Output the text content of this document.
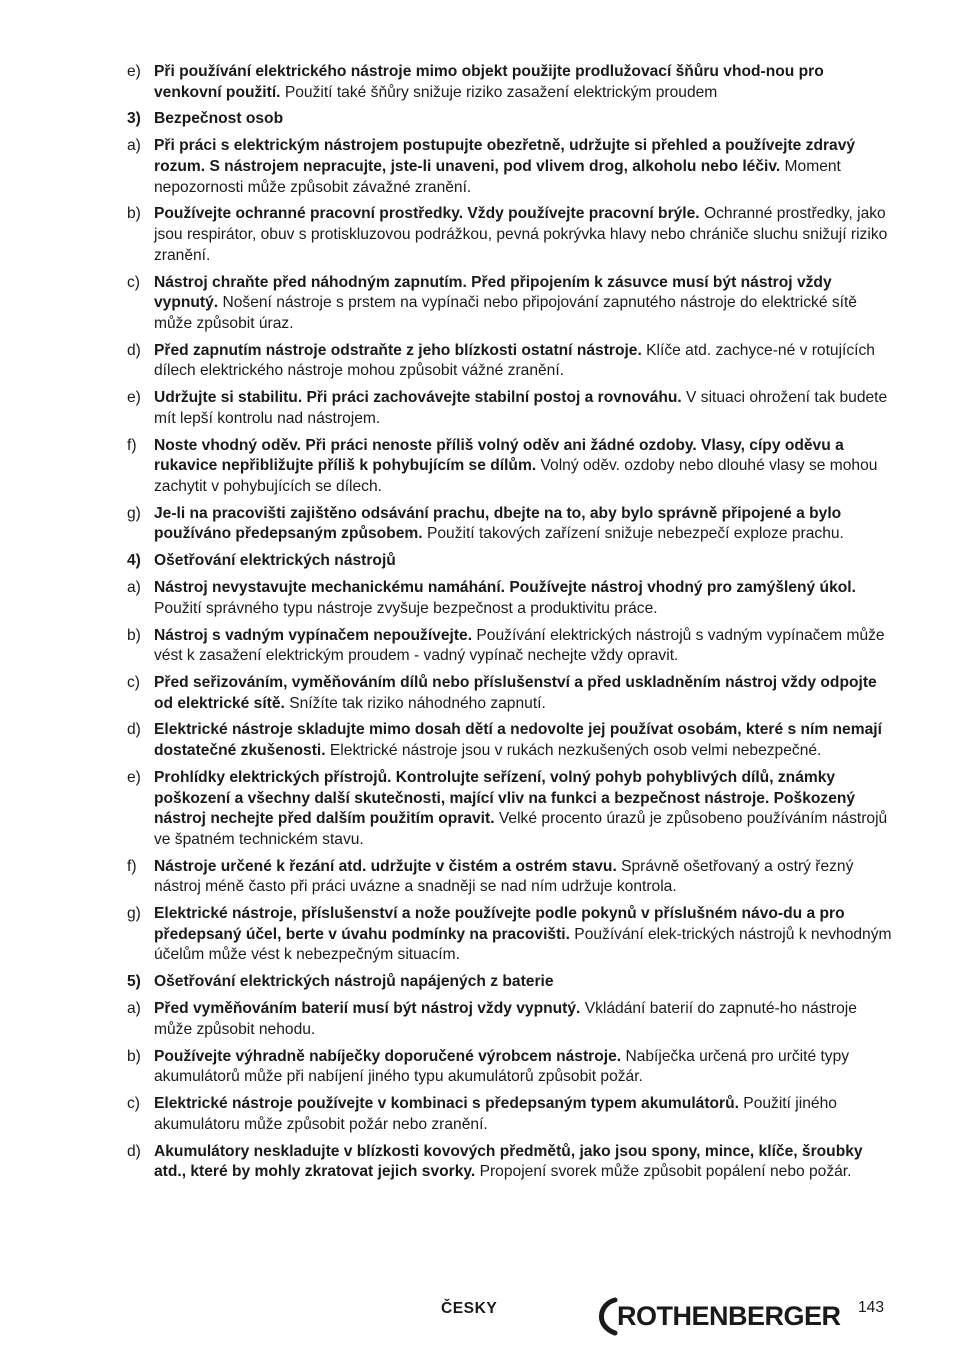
e) Při používání elektrického nástroje mimo objekt použijte prodlužovací šňůru vhod-nou pro venkovní použití. Použití také šňůry snižuje riziko zasažení elektrickým proudem
3) Bezpečnost osob
a) Při práci s elektrickým nástrojem postupujte obezřetně, udržujte si přehled a používejte zdravý rozum. S nástrojem nepracujte, jste-li unaveni, pod vlivem drog, alkoholu nebo léčiv. Moment nepozornosti může způsobit závažné zranění.
b) Používejte ochranné pracovní prostředky. Vždy používejte pracovní brýle. Ochranné prostředky, jako jsou respirátor, obuv s protiskluzovou podrážkou, pevná pokrývka hlavy nebo chrániče sluchu snižují riziko zranění.
c) Nástroj chraňte před náhodným zapnutím. Před připojením k zásuvce musí být nástroj vždy vypnutý. Nošení nástroje s prstem na vypínači nebo připojování zapnutého nástroje do elektrické sítě může způsobit úraz.
d) Před zapnutím nástroje odstraňte z jeho blízkosti ostatní nástroje. Klíče atd. zachyce-né v rotujících dílech elektrického nástroje mohou způsobit vážné zranění.
e) Udržujte si stabilitu. Při práci zachovávejte stabilní postoj a rovnováhu. V situaci ohrožení tak budete mít lepší kontrolu nad nástrojem.
f)	Noste vhodný oděv. Při práci nenoste příliš volný oděv ani žádné ozdoby. Vlasy, cípy oděvu a rukavice nepřibližujte příliš k pohybujícím se dílům. Volný oděv. ozdoby nebo dlouhé vlasy se mohou zachytit v pohybujících se dílech.
g) Je-li na pracovišti zajištěno odsávání prachu, dbejte na to, aby bylo správně připojené a bylo používáno předepsaným způsobem. Použití takových zařízení snižuje nebezpečí exploze prachu.
4) Ošetřování elektrických nástrojů
a) Nástroj nevystavujte mechanickému namáhání. Používejte nástroj vhodný pro zamýšlený úkol. Použití správného typu nástroje zvyšuje bezpečnost a produktivitu práce.
b) Nástroj s vadným vypínačem nepoužívejte. Používání elektrických nástrojů s vadným vypínačem může vést k zasažení elektrickým proudem - vadný vypínač nechejte vždy opravit.
c) Před seřizováním, vyměňováním dílů nebo příslušenství a před uskladněním nástroj vždy odpojte od elektrické sítě. Snížíte tak riziko náhodného zapnutí.
d) Elektrické nástroje skladujte mimo dosah dětí a nedovolte jej používat osobám, které s ním nemají dostatečné zkušenosti. Elektrické nástroje jsou v rukách nezkušených osob velmi nebezpečné.
e) Prohlídky elektrických přístrojů. Kontrolujte seřízení, volný pohyb pohyblivých dílů, známky poškození a všechny další skutečnosti, mající vliv na funkci a bezpečnost nástroje. Poškozený nástroj nechejte před dalším použitím opravit. Velké procento úrazů je způsobeno používáním nástrojů ve špatném technickém stavu.
f)	Nástroje určené k řezání atd. udržujte v čistém a ostrém stavu. Správně ošetřovaný a ostrý řezný nástroj méně často při práci uvázne a snadněji se nad ním udržuje kontrola.
g) Elektrické nástroje, příslušenství a nože používejte podle pokynů v příslušném návo-du a pro předepsaný účel, berte v úvahu podmínky na pracovišti. Používání elek-trických nástrojů k nevhodným účelům může vést k nebezpečným situacím.
5) Ošetřování elektrických nástrojů napájených z baterie
a) Před vyměňováním baterií musí být nástroj vždy vypnutý. Vkládání baterií do zapnuté-ho nástroje může způsobit nehodu.
b) Používejte výhradně nabíječky doporučené výrobcem nástroje. Nabíječka určená pro určité typy akumulátorů může při nabíjení jiného typu akumulátorů způsobit požár.
c) Elektrické nástroje používejte v kombinaci s předepsaným typem akumulátorů. Použití jiného akumulátoru může způsobit požár nebo zranění.
d) Akumulátory neskladujte v blízkosti kovových předmětů, jako jsou spony, mince, klíče, šroubky atd., které by mohly zkratovat jejich svorky. Propojení svorek může způsobit popálení nebo požár.
ČESKY	ROTHENBERGER 143
